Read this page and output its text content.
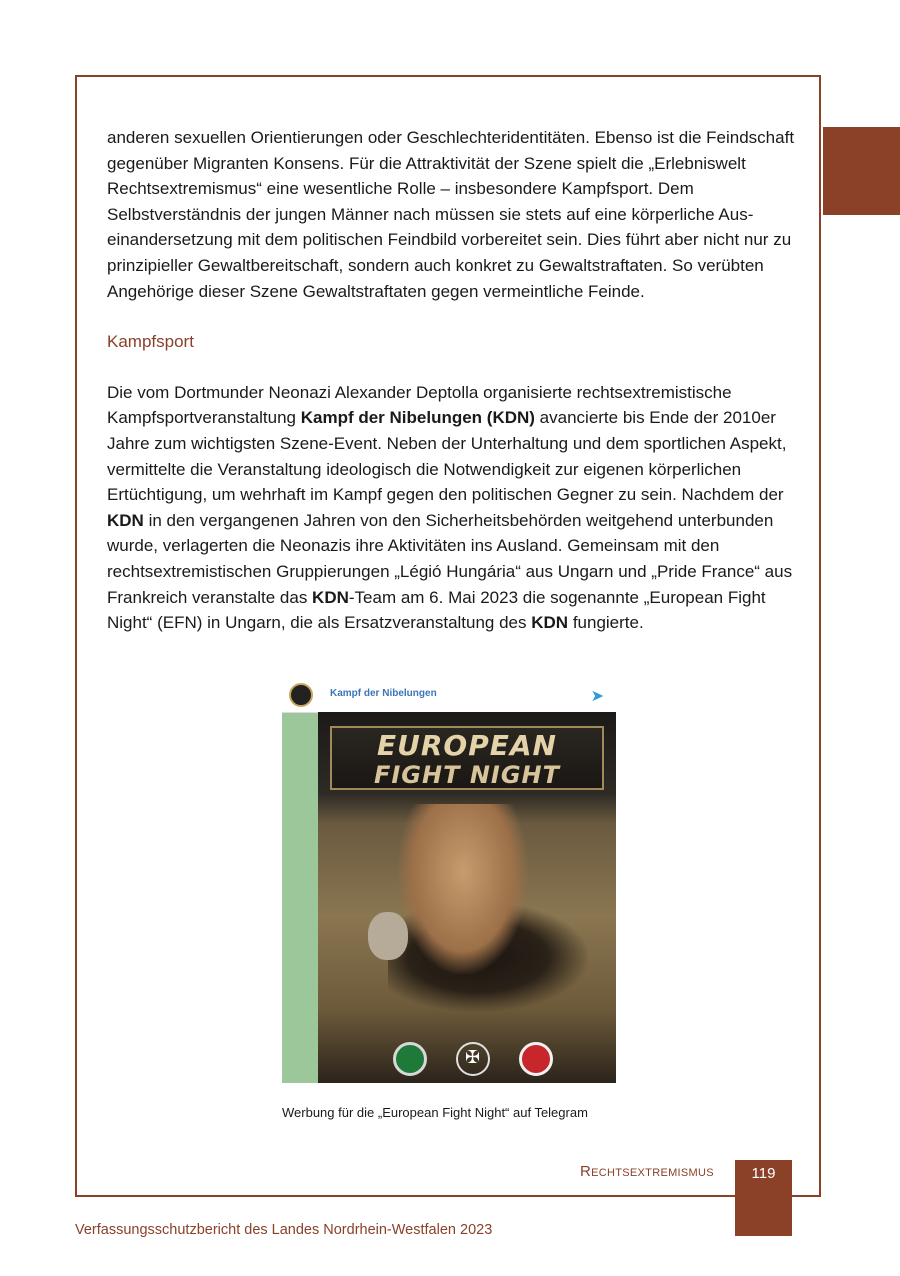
anderen sexuellen Orientierungen oder Geschlechteridentitäten. Ebenso ist die Feindschaft gegenüber Migranten Konsens. Für die Attraktivität der Szene spielt die „Erlebniswelt Rechtsextremismus“ eine wesentliche Rolle – insbesondere Kampfsport. Dem Selbstverständnis der jungen Männer nach müssen sie stets auf eine körperliche Auseinandersetzung mit dem politischen Feindbild vorbereitet sein. Dies führt aber nicht nur zu prinzipieller Gewaltbereitschaft, sondern auch konkret zu Gewaltstraftaten. So verübten Angehörige dieser Szene Gewaltstraftaten gegen vermeintliche Feinde.

Kampfsport

Die vom Dortmunder Neonazi Alexander Deptolla organisierte rechtsextremistische Kampfsportveranstaltung Kampf der Nibelungen (KDN) avancierte bis Ende der 2010er Jahre zum wichtigsten Szene-Event. Neben der Unterhaltung und dem sportlichen Aspekt, vermittelte die Veranstaltung ideologisch die Notwendigkeit zur eigenen körperlichen Ertüchtigung, um wehrhaft im Kampf gegen den politischen Gegner zu sein. Nachdem der KDN in den vergangenen Jahren von den Sicherheitsbehörden weitgehend unterbunden wurde, verlagerten die Neonazis ihre Aktivitäten ins Ausland. Gemeinsam mit den rechtsextremistischen Gruppierungen „Légió Hungária“ aus Ungarn und „Pride France“ aus Frankreich veranstalte das KDN-Team am 6. Mai 2023 die sogenannte „European Fight Night“ (EFN) in Ungarn, die als Ersatzveranstaltung des KDN fungierte.

Kampf der Nibelungen	➤
EUROPEAN
FIGHT NIGHT
✠
Werbung für die „European Fight Night“ auf Telegram
Rechtsextremismus	119
Verfassungsschutzbericht des Landes Nordrhein-Westfalen 2023
